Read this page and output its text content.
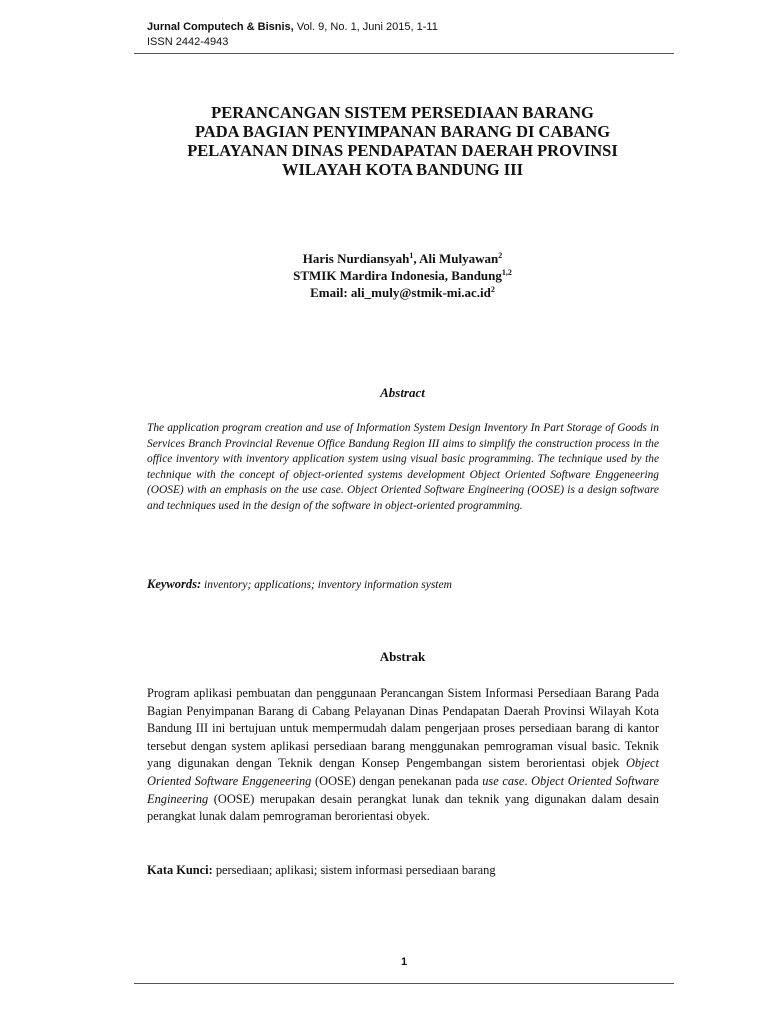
Jurnal Computech & Bisnis, Vol. 9, No. 1, Juni 2015, 1-11
ISSN 2442-4943
PERANCANGAN SISTEM PERSEDIAAN BARANG
PADA BAGIAN PENYIMPANAN BARANG DI CABANG
PELAYANAN DINAS PENDAPATAN DAERAH PROVINSI
WILAYAH KOTA BANDUNG III
Haris Nurdiansyah$^1$, Ali Mulyawan$^2$
STMIK Mardira Indonesia, Bandung$^{1,2}$
Email: $ali\_muly@stmik-mi.ac.id^2$
Abstract
The application program creation and use of Information System Design Inventory In Part Storage of Goods in Services Branch Provincial Revenue Office Bandung Region III aims to simplify the construction process in the office inventory with inventory application system using visual basic programming. The technique used by the technique with the concept of object-oriented systems development Object Oriented Software Enggeneering (OOSE) with an emphasis on the use case. Object Oriented Software Engineering (OOSE) is a design software and techniques used in the design of the software in object-oriented programming.
Keywords: inventory; applications; inventory information system
Abstrak
Program aplikasi pembuatan dan penggunaan Perancangan Sistem Informasi Persediaan Barang Pada Bagian Penyimpanan Barang di Cabang Pelayanan Dinas Pendapatan Daerah Provinsi Wilayah Kota Bandung III ini bertujuan untuk mempermudah dalam pengerjaan proses persediaan barang di kantor tersebut dengan system aplikasi persediaan barang menggunakan pemrograman visual basic. Teknik yang digunakan dengan Teknik dengan Konsep Pengembangan sistem berorientasi objek Object Oriented Software Enggeneering (OOSE) dengan penekanan pada use case. Object Oriented Software Engineering (OOSE) merupakan desain perangkat lunak dan teknik yang digunakan dalam desain perangkat lunak dalam pemrograman berorientasi obyek.
Kata Kunci: persediaan; aplikasi; sistem informasi persediaan barang
1
